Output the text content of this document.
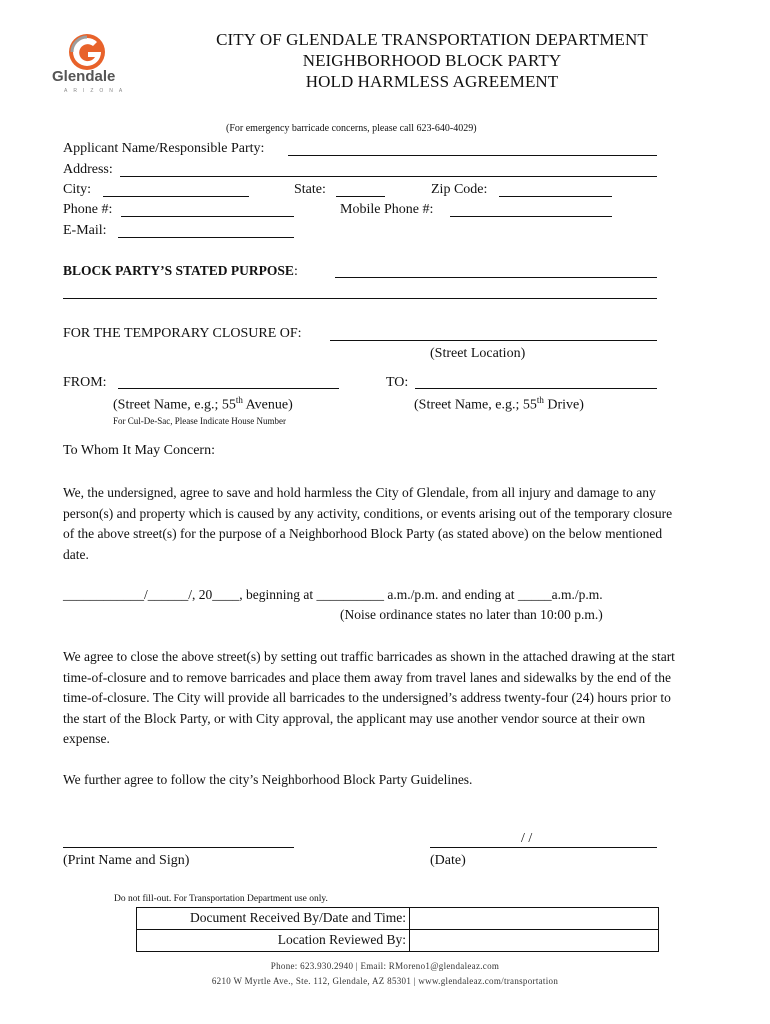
Glendale
ARIZONA
CITY OF GLENDALE TRANSPORTATION DEPARTMENT
NEIGHBORHOOD BLOCK PARTY
HOLD HARMLESS AGREEMENT
(For emergency barricade concerns, please call 623-640-4029)
Applicant Name/Responsible Party:
Address:
City:	State:	Zip Code:
Phone #:	Mobile Phone #:
E-Mail:
BLOCK PARTY’S STATED PURPOSE:
FOR THE TEMPORARY CLOSURE OF:
(Street Location)
FROM:	TO:
(Street Name, e.g.; 55th Avenue)	(Street Name, e.g.; 55th Drive)
For Cul-De-Sac, Please Indicate House Number
To Whom It May Concern:
We, the undersigned, agree to save and hold harmless the City of Glendale, from all injury and damage to any person(s) and property which is caused by any activity, conditions, or events arising out of the temporary closure of the above street(s) for the purpose of a Neighborhood Block Party (as stated above) on the below mentioned date.
____________/______/, 20____, beginning at __________ a.m./p.m. and ending at _____a.m./p.m.
(Noise ordinance states no later than 10:00 p.m.)
We agree to close the above street(s) by setting out traffic barricades as shown in the attached drawing at the start time-of-closure and to remove barricades and place them away from travel lanes and sidewalks by the end of the time-of-closure. The City will provide all barricades to the undersigned’s address twenty-four (24) hours prior to the start of the Block Party, or with City approval, the applicant may use another vendor source at their own expense.
We further agree to follow the city’s Neighborhood Block Party Guidelines.
/ /
(Print Name and Sign)	(Date)
Do not fill-out. For Transportation Department use only.
Document Received By/Date and Time:
Location Reviewed By:
Phone: 623.930.2940 | Email: RMoreno1@glendaleaz.com
6210 W Myrtle Ave., Ste. 112, Glendale, AZ 85301 | www.glendaleaz.com/transportation
